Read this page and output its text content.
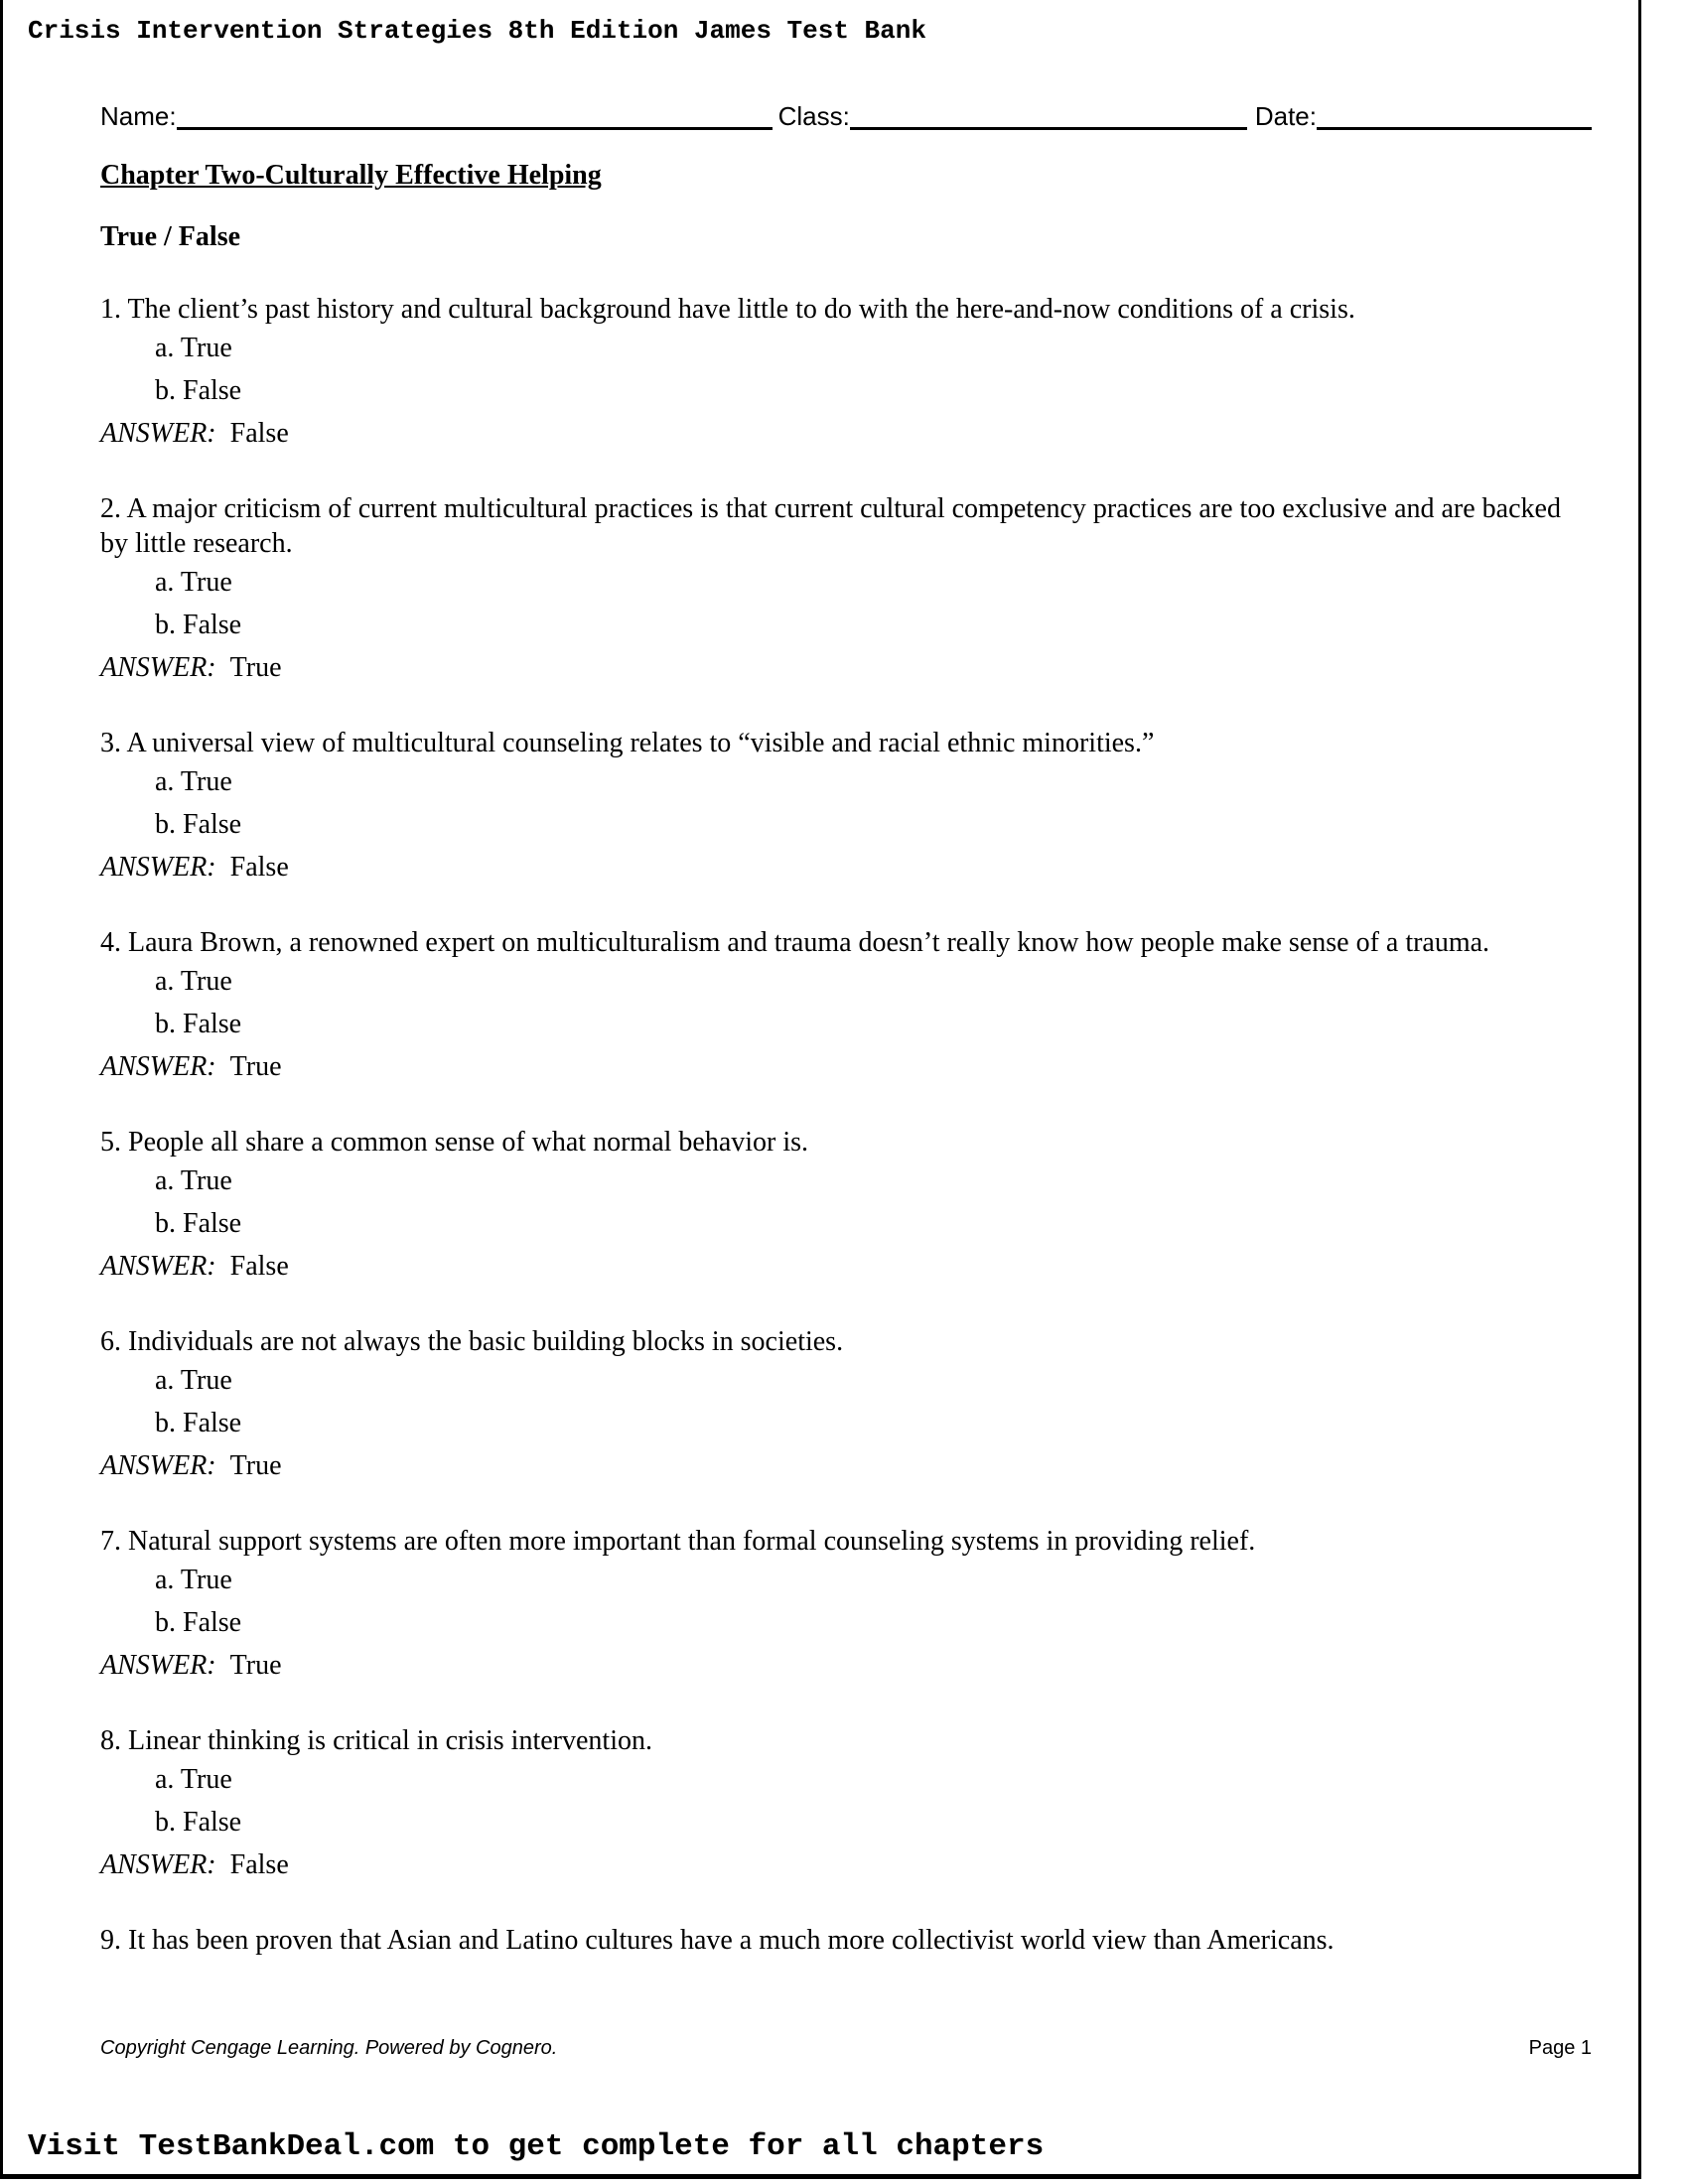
Crisis Intervention Strategies 8th Edition James Test Bank
Name:	Class:	Date:
Chapter Two-Culturally Effective Helping
True / False
1. The client’s past history and cultural background have little to do with the here-and-now conditions of a crisis.
a. True
b. False
ANSWER: False
2. A major criticism of current multicultural practices is that current cultural competency practices are too exclusive and are backed by little research.
a. True
b. False
ANSWER: True
3. A universal view of multicultural counseling relates to “visible and racial ethnic minorities.”
a. True
b. False
ANSWER: False
4. Laura Brown, a renowned expert on multiculturalism and trauma doesn’t really know how people make sense of a trauma.
a. True
b. False
ANSWER: True
5. People all share a common sense of what normal behavior is.
a. True
b. False
ANSWER: False
6. Individuals are not always the basic building blocks in societies.
a. True
b. False
ANSWER: True
7. Natural support systems are often more important than formal counseling systems in providing relief.
a. True
b. False
ANSWER: True
8. Linear thinking is critical in crisis intervention.
a. True
b. False
ANSWER: False
9. It has been proven that Asian and Latino cultures have a much more collectivist world view than Americans.
Copyright Cengage Learning. Powered by Cognero.	Page 1
Visit TestBankDeal.com to get complete for all chapters
